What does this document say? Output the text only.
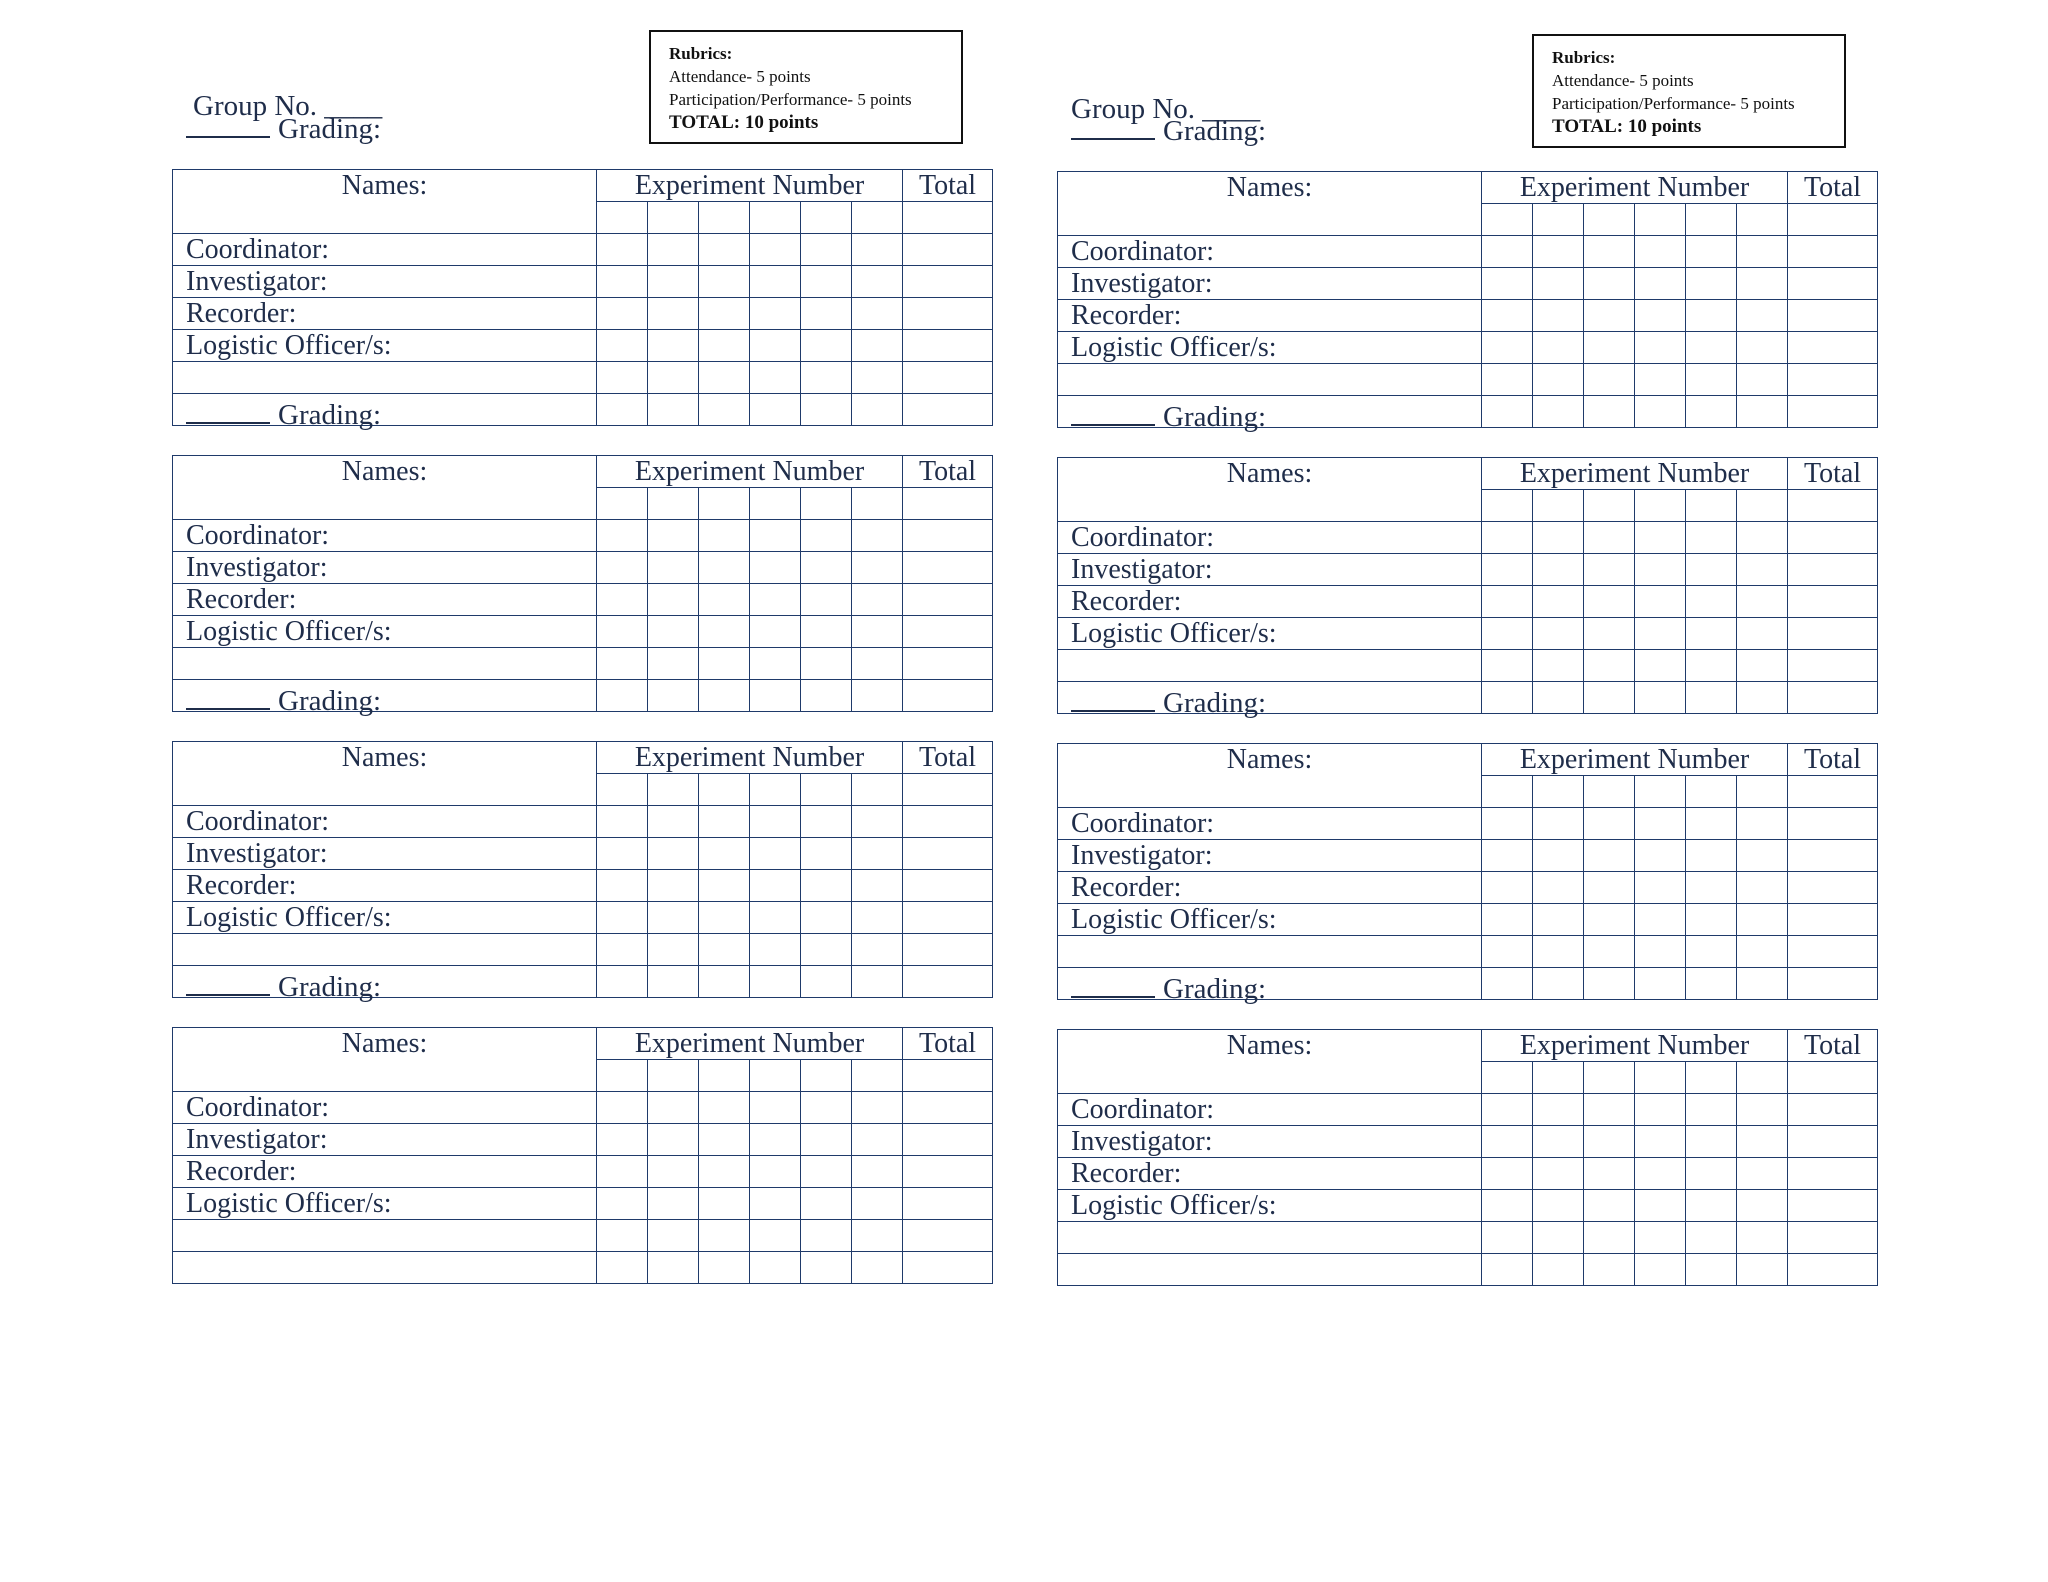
Rubrics:
Attendance- 5 points
Participation/Performance- 5 points
TOTAL: 10 points
Group No. ____
Grading:
Names:	Experiment Number						Total

Coordinator:							
Investigator:							
Recorder:							
Logistic Officer/s:							

Grading:
Names:	Experiment Number						Total

Coordinator:							
Investigator:							
Recorder:							
Logistic Officer/s:							

Grading:
Names:	Experiment Number						Total

Coordinator:							
Investigator:							
Recorder:							
Logistic Officer/s:							

Grading:
Names:	Experiment Number						Total

Coordinator:							
Investigator:							
Recorder:							
Logistic Officer/s:							

Rubrics:
Attendance- 5 points
Participation/Performance- 5 points
TOTAL: 10 points
Group No. ____
Grading:
Names:	Experiment Number						Total

Coordinator:							
Investigator:							
Recorder:							
Logistic Officer/s:							

Grading:
Names:	Experiment Number						Total

Coordinator:							
Investigator:							
Recorder:							
Logistic Officer/s:							

Grading:
Names:	Experiment Number						Total

Coordinator:							
Investigator:							
Recorder:							
Logistic Officer/s:							

Grading:
Names:	Experiment Number						Total

Coordinator:							
Investigator:							
Recorder:							
Logistic Officer/s:							
